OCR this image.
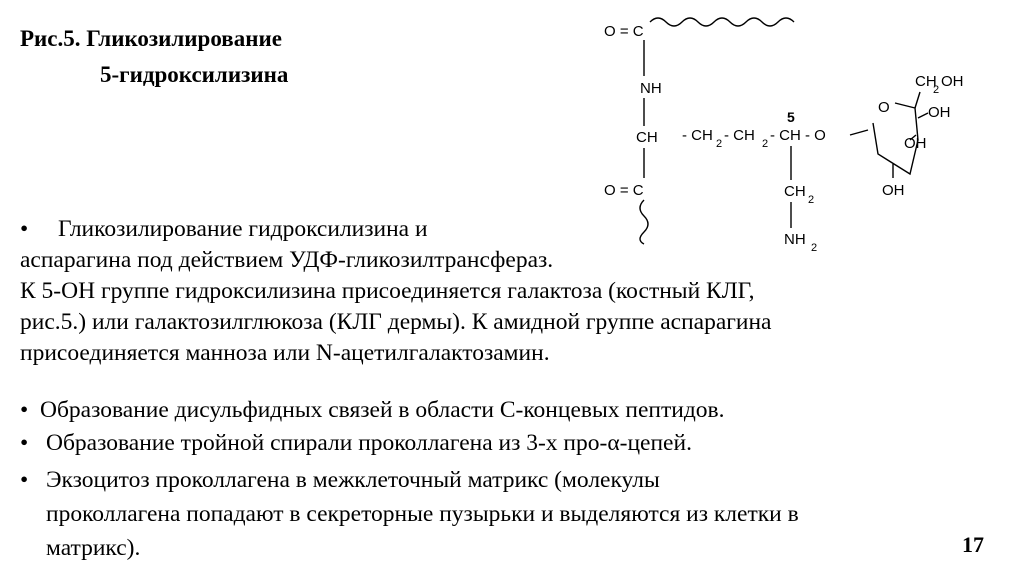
Рис.5. Гликозилирование
5-гидроксилизина
O = C
NH
CH
O = C
- CH 2 - CH 2 - CH - O
5
CH 2
NH 2
O
CH
2 OH
OH
OH
OH
• Гликозилирование гидроксилизина и
аспарагина под действием УДФ-гликозилтрансфераз.
К 5-ОН группе гидроксилизина присоединяется галактоза (костный КЛГ,
рис.5.) или галактозилглюкоза (КЛГ дермы). К амидной группе аспарагина
присоединяется манноза или N-ацетилгалактозамин.
• Образование дисульфидных связей в области С-концевых пептидов.
• Образование тройной спирали проколлагена из 3-х про-α-цепей.
• Экзоцитоз проколлагена в межклеточный матрикс (молекулы
проколлагена попадают в секреторные пузырьки и выделяются из клетки в
матрикс).	17
